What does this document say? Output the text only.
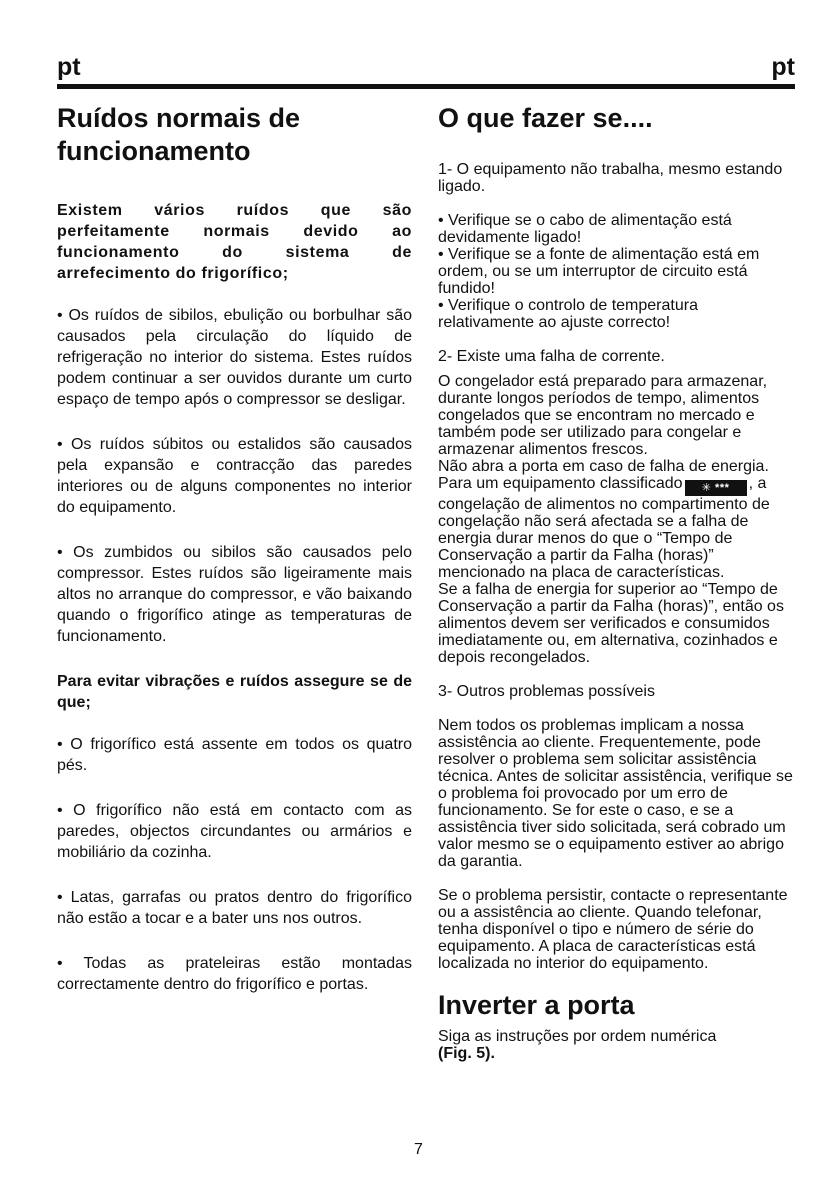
pt	pt
Ruídos normais de funcionamento

Existem vários ruídos que são perfeitamente normais devido ao funcionamento do sistema de arrefecimento do frigorífico;

• Os ruídos de sibilos, ebulição ou borbulhar são causados pela circulação do líquido de refrigeração no interior do sistema. Estes ruídos podem continuar a ser ouvidos durante um curto espaço de tempo após o compressor se desligar.

• Os ruídos súbitos ou estalidos são causados pela expansão e contracção das paredes interiores ou de alguns componentes no interior do equipamento.

• Os zumbidos ou sibilos são causados pelo compressor. Estes ruídos são ligeiramente mais altos no arranque do compressor, e vão baixando quando o frigorífico atinge as temperaturas de funcionamento.

Para evitar vibrações e ruídos assegure se de que;

• O frigorífico está assente em todos os quatro pés.

• O frigorífico não está em contacto com as paredes, objectos circundantes ou armários e mobiliário da cozinha.

• Latas, garrafas ou pratos dentro do frigorífico não estão a tocar e a bater uns nos outros.

• Todas as prateleiras estão montadas correctamente dentro do frigorífico e portas.

O que fazer se....

1- O equipamento não trabalha, mesmo estando ligado.

• Verifique se o cabo de alimentação está devidamente ligado!

• Verifique se a fonte de alimentação está em ordem, ou se um interruptor de circuito está fundido!

• Verifique o controlo de temperatura relativamente ao ajuste correcto!

2- Existe uma falha de corrente.

O congelador está preparado para armazenar, durante longos períodos de tempo, alimentos congelados que se encontram no mercado e também pode ser utilizado para congelar e armazenar alimentos frescos.

Não abra a porta em caso de falha de energia.

Para um equipamento classificado ✳ *** , a congelação de alimentos no compartimento de congelação não será afectada se a falha de energia durar menos do que o “Tempo de Conservação a partir da Falha (horas)” mencionado na placa de características.

Se a falha de energia for superior ao “Tempo de Conservação a partir da Falha (horas)”, então os alimentos devem ser verificados e consumidos imediatamente ou, em alternativa, cozinhados e depois recongelados.

3- Outros problemas possíveis

Nem todos os problemas implicam a nossa assistência ao cliente. Frequentemente, pode resolver o problema sem solicitar assistência técnica. Antes de solicitar assistência, verifique se o problema foi provocado por um erro de funcionamento. Se for este o caso, e se a assistência tiver sido solicitada, será cobrado um valor mesmo se o equipamento estiver ao abrigo da garantia.

Se o problema persistir, contacte o representante ou a assistência ao cliente. Quando telefonar, tenha disponível o tipo e número de série do equipamento. A placa de características está localizada no interior do equipamento.

Inverter a porta

Siga as instruções por ordem numérica

(Fig. 5).

7
